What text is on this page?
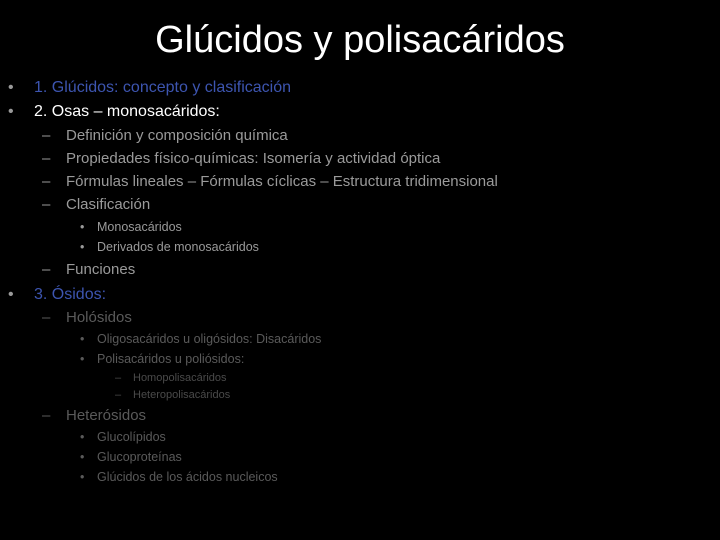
Glúcidos y polisacáridos
• 1. Glúcidos: concepto y clasificación
• 2. Osas – monosacáridos:
– Definición y composición química
– Propiedades físico-químicas: Isomería y actividad óptica
– Fórmulas lineales – Fórmulas cíclicas – Estructura tridimensional
– Clasificación
• Monosacáridos
• Derivados de monosacáridos
– Funciones
• 3. Ósidos:
– Holósidos
• Oligosacáridos u oligósidos: Disacáridos
• Polisacáridos u poliósidos:
– Homopolisacáridos
– Heteropolisacáridos
– Heterósidos
• Glucolípidos
• Glucoproteínas
• Glúcidos de los ácidos nucleicos
